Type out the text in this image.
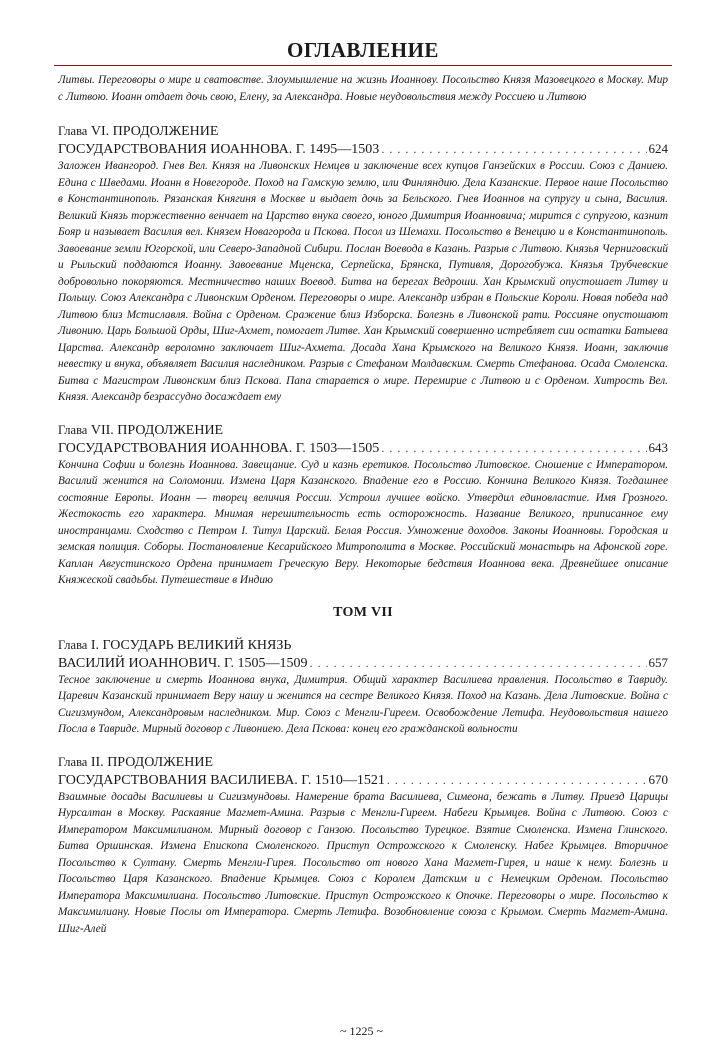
ОГЛАВЛЕНИЕ

Литвы. Переговоры о мире и сватовстве. Злоумышление на жизнь Иоаннову. Посольство Князя Мазовецкого в Москву. Мир с Литвою. Иоанн отдает дочь свою, Елену, за Александра. Новые неудовольствия между Россиею и Литвою

Глава VI. ПРОДОЛЖЕНИЕ

ГОСУДАРСТВОВАНИЯ ИОАННОВА. Г. 1495—1503 . . .	624

Заложен Ивангород. Гнев Вел. Князя на Ливонских Немцев и заключение всех купцов Ганзейских в России. Союз с Даниею. Едина с Шведами. Иоанн в Новегороде. Поход на Гамскую землю, или Финляндию. Дела Казанские. Первое наше Посольство в Константинополь. Рязанская Княгиня в Москве и выдает дочь за Бельского. Гнев Иоаннов на супругу и сына, Василия. Великий Князь торжественно венчает на Царство внука своего, юного Димитрия Иоанновича; мирится с супругою, казнит Бояр и называет Василия вел. Князем Новагорода и Пскова. Посол из Шемахи. Посольство в Венецию и в Константинополь. Завоевание земли Югорской, или Северо-Западной Сибири. Послан Воевода в Казань. Разрыв с Литвою. Князья Черниговский и Рыльский поддаются Иоанну. Завоевание Мценска, Серпейска, Брянска, Путивля, Дорогобужа. Князья Трубчевские добровольно покоряются. Местничество наших Воевод. Битва на берегах Ведроши. Хан Крымский опустошает Литву и Польшу. Союз Александра с Ливонским Орденом. Переговоры о мире. Александр избран в Польские Короли. Новая победа над Литвою близ Мстиславля. Война с Орденом. Сражение близ Изборска. Болезнь в Ливонской рати. Россияне опустошают Ливонию. Царь Большой Орды, Шиг-Ахмет, помогает Литве. Хан Крымский совершенно истребляет сии остатки Батыева Царства. Александр вероломно заключает Шиг-Ахмета. Досада Хана Крымского на Великого Князя. Иоанн, заключив невестку и внука, объявляет Василия наследником. Разрыв с Стефаном Молдавским. Смерть Стефанова. Осада Смоленска. Битва с Магистром Ливонским близ Пскова. Папа старается о мире. Перемирие с Литвою и с Орденом. Хитрость Вел. Князя. Александр безрассудно досаждает ему

Глава VII. ПРОДОЛЖЕНИЕ

ГОСУДАРСТВОВАНИЯ ИОАННОВА. Г. 1503—1505 . . .	643

Кончина Софии и болезнь Иоаннова. Завещание. Суд и казнь еретиков. Посольство Литовское. Сношение с Императором. Василий женится на Соломонии. Измена Царя Казанского. Впадение его в Россию. Кончина Великого Князя. Тогдашнее состояние Европы. Иоанн — творец величия России. Устроил лучшее войско. Утвердил единовластие. Имя Грозного. Жестокость его характера. Мнимая нерешительность есть осторожность. Название Великого, приписанное ему иностранцами. Сходство с Петром I. Титул Царский. Белая Россия. Умножение доходов. Законы Иоанновы. Городская и земская полиция. Соборы. Постановление Кесарийского Митрополита в Москве. Российский монастырь на Афонской горе. Каплан Августинского Ордена принимает Греческую Веру. Некоторые бедствия Иоаннова века. Древнейшее описание Княжеской свадьбы. Путешествие в Индию

ТОМ VII

Глава I. ГОСУДАРЬ ВЕЛИКИЙ КНЯЗЬ

ВАСИЛИЙ ИОАННОВИЧ. Г. 1505—1509 . . .	657

Тесное заключение и смерть Иоаннова внука, Димитрия. Общий характер Василиева правления. Посольство в Тавриду. Царевич Казанский принимает Веру нашу и женится на сестре Великого Князя. Поход на Казань. Дела Литовские. Война с Сигизмундом, Александровым наследником. Мир. Союз с Менгли-Гиреем. Освобождение Летифа. Неудовольствия нашего Посла в Тавриде. Мирный договор с Ливониею. Дела Пскова: конец его гражданской вольности

Глава II. ПРОДОЛЖЕНИЕ

ГОСУДАРСТВОВАНИЯ ВАСИЛИЕВА. Г. 1510—1521 . . .	670

Взаимные досады Василиевы и Сигизмундовы. Намерение брата Василиева, Симеона, бежать в Литву. Приезд Царицы Нурсалтан в Москву. Раскаяние Магмет-Амина. Разрыв с Менгли-Гиреем. Набеги Крымцев. Война с Литвою. Союз с Императором Максимилианом. Мирный договор с Ганзою. Посольство Турецкое. Взятие Смоленска. Измена Глинского. Битва Оршинская. Измена Епископа Смоленского. Приступ Острожского к Смоленску. Набег Крымцев. Вторичное Посольство к Султану. Смерть Менгли-Гирея. Посольство от нового Хана Магмет-Гирея, и наше к нему. Болезнь и Посольство Царя Казанского. Впадение Крымцев. Союз с Королем Датским и с Немецким Орденом. Посольство Императора Максимилиана. Посольство Литовские. Приступ Острожского к Опочке. Переговоры о мире. Посольство к Максимилиану. Новые Послы от Императора. Смерть Летифа. Возобновление союза с Крымом. Смерть Магмет-Амина. Шиг-Алей

~ 1225 ~
